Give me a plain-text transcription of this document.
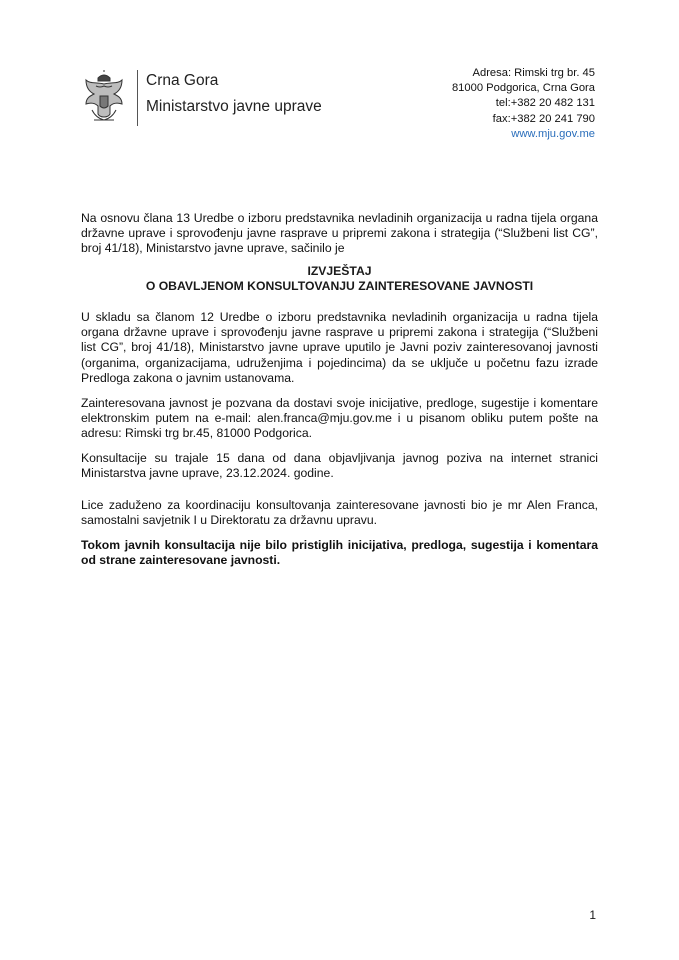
Crna Gora
Ministarstvo javne uprave
Adresa: Rimski trg br. 45
81000 Podgorica, Crna Gora
tel:+382 20 482 131
fax:+382 20 241 790
www.mju.gov.me

Na osnovu člana 13 Uredbe o izboru predstavnika nevladinih organizacija u radna tijela organa državne uprave i sprovođenju javne rasprave u pripremi zakona i strategija (“Službeni list CG”, broj 41/18), Ministarstvo javne uprave, sačinilo je

IZVJEŠTAJ
O OBAVLJENOM KONSULTOVANJU ZAINTERESOVANE JAVNOSTI

U skladu sa članom 12 Uredbe o izboru predstavnika nevladinih organizacija u radna tijela organa državne uprave i sprovođenju javne rasprave u pripremi zakona i strategija (“Službeni list CG”, broj 41/18), Ministarstvo javne uprave uputilo je Javni poziv zainteresovanoj javnosti (organima, organizacijama, udruženjima i pojedincima) da se uključe u početnu fazu izrade Predloga zakona o javnim ustanovama.

Zainteresovana javnost je pozvana da dostavi svoje inicijative, predloge, sugestije i komentare elektronskim putem na e-mail: alen.franca@mju.gov.me i u pisanom obliku putem pošte na adresu: Rimski trg br.45, 81000 Podgorica.

Konsultacije su trajale 15 dana od dana objavljivanja javnog poziva na internet stranici Ministarstva javne uprave, 23.12.2024. godine.

Lice zaduženo za koordinaciju konsultovanja zainteresovane javnosti bio je mr Alen Franca, samostalni savjetnik I u Direktoratu za državnu upravu.

Tokom javnih konsultacija nije bilo pristiglih inicijativa, predloga, sugestija i komentara od strane zainteresovane javnosti.

1
